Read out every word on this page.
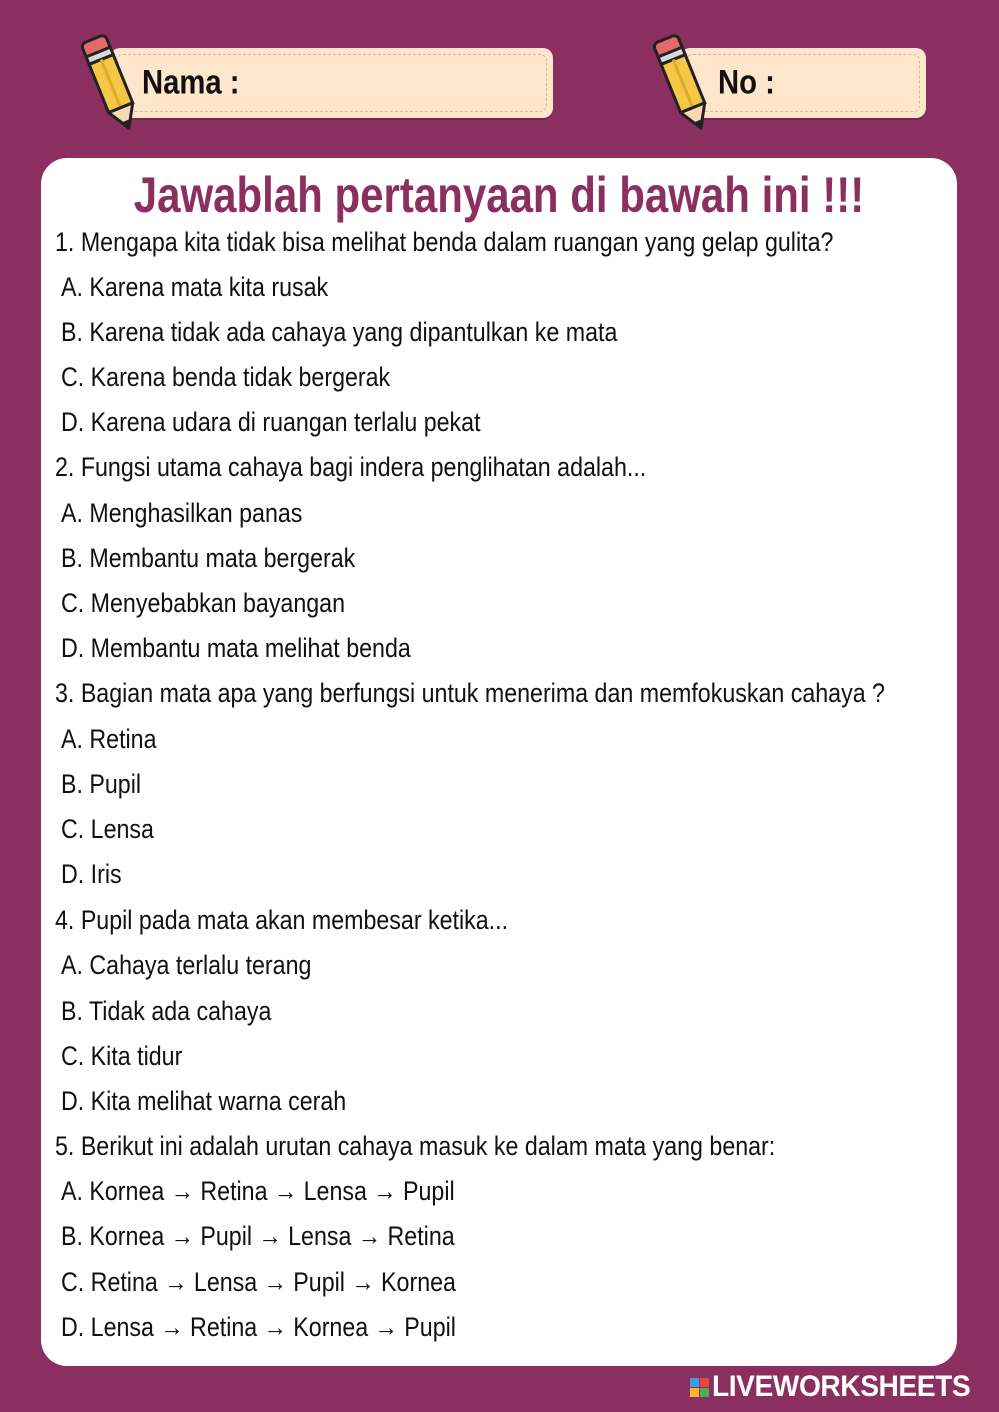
Nama :	No :
Jawablah pertanyaan di bawah ini !!!
1. Mengapa kita tidak bisa melihat benda dalam ruangan yang gelap gulita?
A. Karena mata kita rusak
B. Karena tidak ada cahaya yang dipantulkan ke mata
C. Karena benda tidak bergerak
D. Karena udara di ruangan terlalu pekat
2. Fungsi utama cahaya bagi indera penglihatan adalah...
A. Menghasilkan panas
B. Membantu mata bergerak
C. Menyebabkan bayangan
D. Membantu mata melihat benda
3. Bagian mata apa yang berfungsi untuk menerima dan memfokuskan cahaya ?
A. Retina
B. Pupil
C. Lensa
D. Iris
4. Pupil pada mata akan membesar ketika...
A. Cahaya terlalu terang
B. Tidak ada cahaya
C. Kita tidur
D. Kita melihat warna cerah
5. Berikut ini adalah urutan cahaya masuk ke dalam mata yang benar:
A. Kornea → Retina → Lensa → Pupil
B. Kornea → Pupil → Lensa → Retina
C. Retina → Lensa → Pupil → Kornea
D. Lensa → Retina → Kornea → Pupil
LIVEWORKSHEETS
